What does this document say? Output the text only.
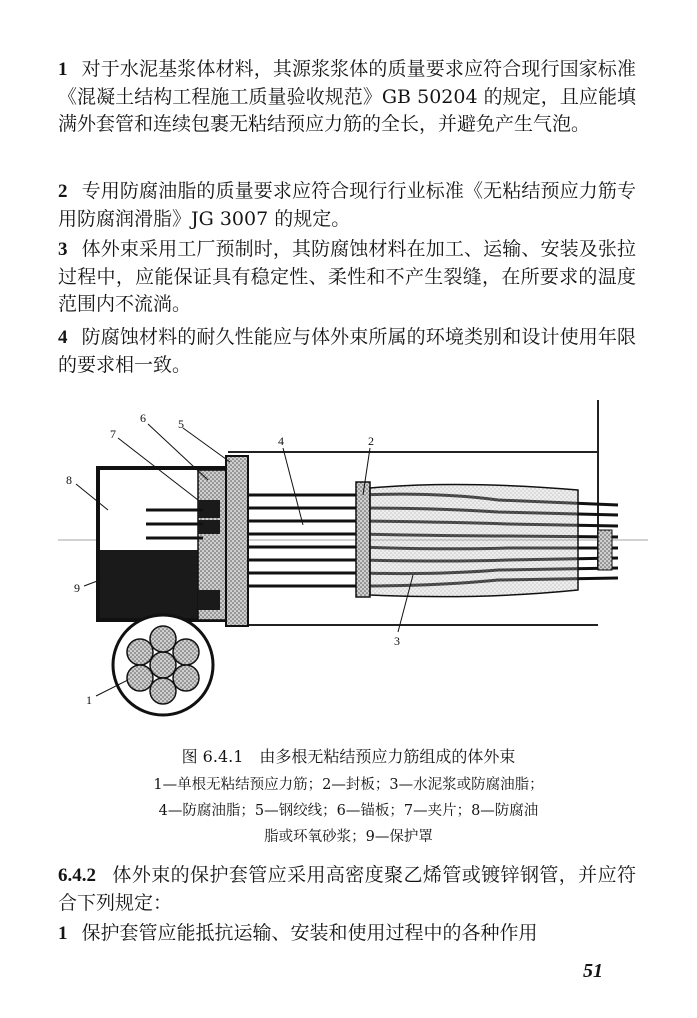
1 对于水泥基浆体材料，其源浆浆体的质量要求应符合现行国家标准《混凝土结构工程施工质量验收规范》GB 50204 的规定，且应能填满外套管和连续包裹无粘结预应力筋的全长，并避免产生气泡。

2 专用防腐油脂的质量要求应符合现行行业标准《无粘结预应力筋专用防腐润滑脂》JG 3007 的规定。

3 体外束采用工厂预制时，其防腐蚀材料在加工、运输、安装及张拉过程中，应能保证具有稳定性、柔性和不产生裂缝，在所要求的温度范围内不流淌。

4 防腐蚀材料的耐久性能应与体外束所属的环境类别和设计使用年限的要求相一致。

1
2
3
4
5
6
7
8
9

图 6.4.1　由多根无粘结预应力筋组成的体外束

1—单根无粘结预应力筋；2—封板；3—水泥浆或防腐油脂；

4—防腐油脂；5—钢绞线；6—锚板；7—夹片；8—防腐油

脂或环氧砂浆；9—保护罩

6.4.2 体外束的保护套管应采用高密度聚乙烯管或镀锌钢管，并应符合下列规定：

1 保护套管应能抵抗运输、安装和使用过程中的各种作用

51
